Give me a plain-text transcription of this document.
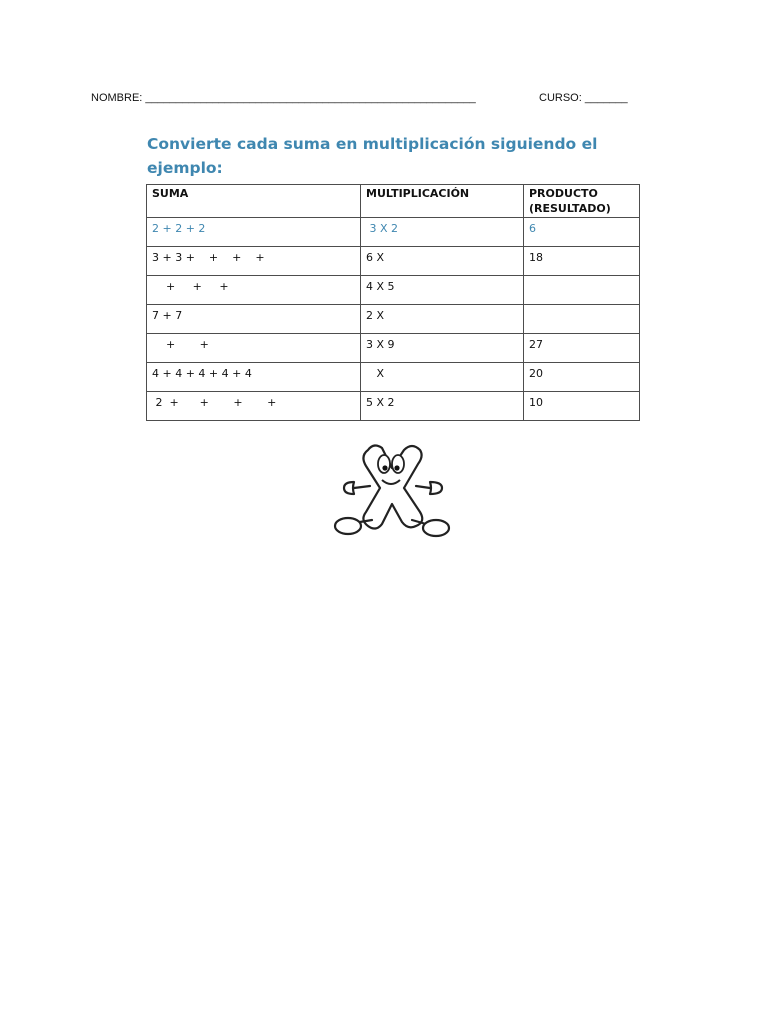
NOMBRE: ______________________________________________________	CURSO: _______
Convierte cada suma en multiplicación siguiendo el ejemplo:
SUMA	MULTIPLICACIÓN	PRODUCTO
(RESULTADO)
2 + 2 + 2	3 X 2	6
3 + 3 +    +    +    +	6 X	18
+     +     +	4 X 5	
7 + 7	2 X	
+       +	3 X 9	27
4 + 4 + 4 + 4 + 4	X	20
2  +      +       +       +	5 X 2	10
